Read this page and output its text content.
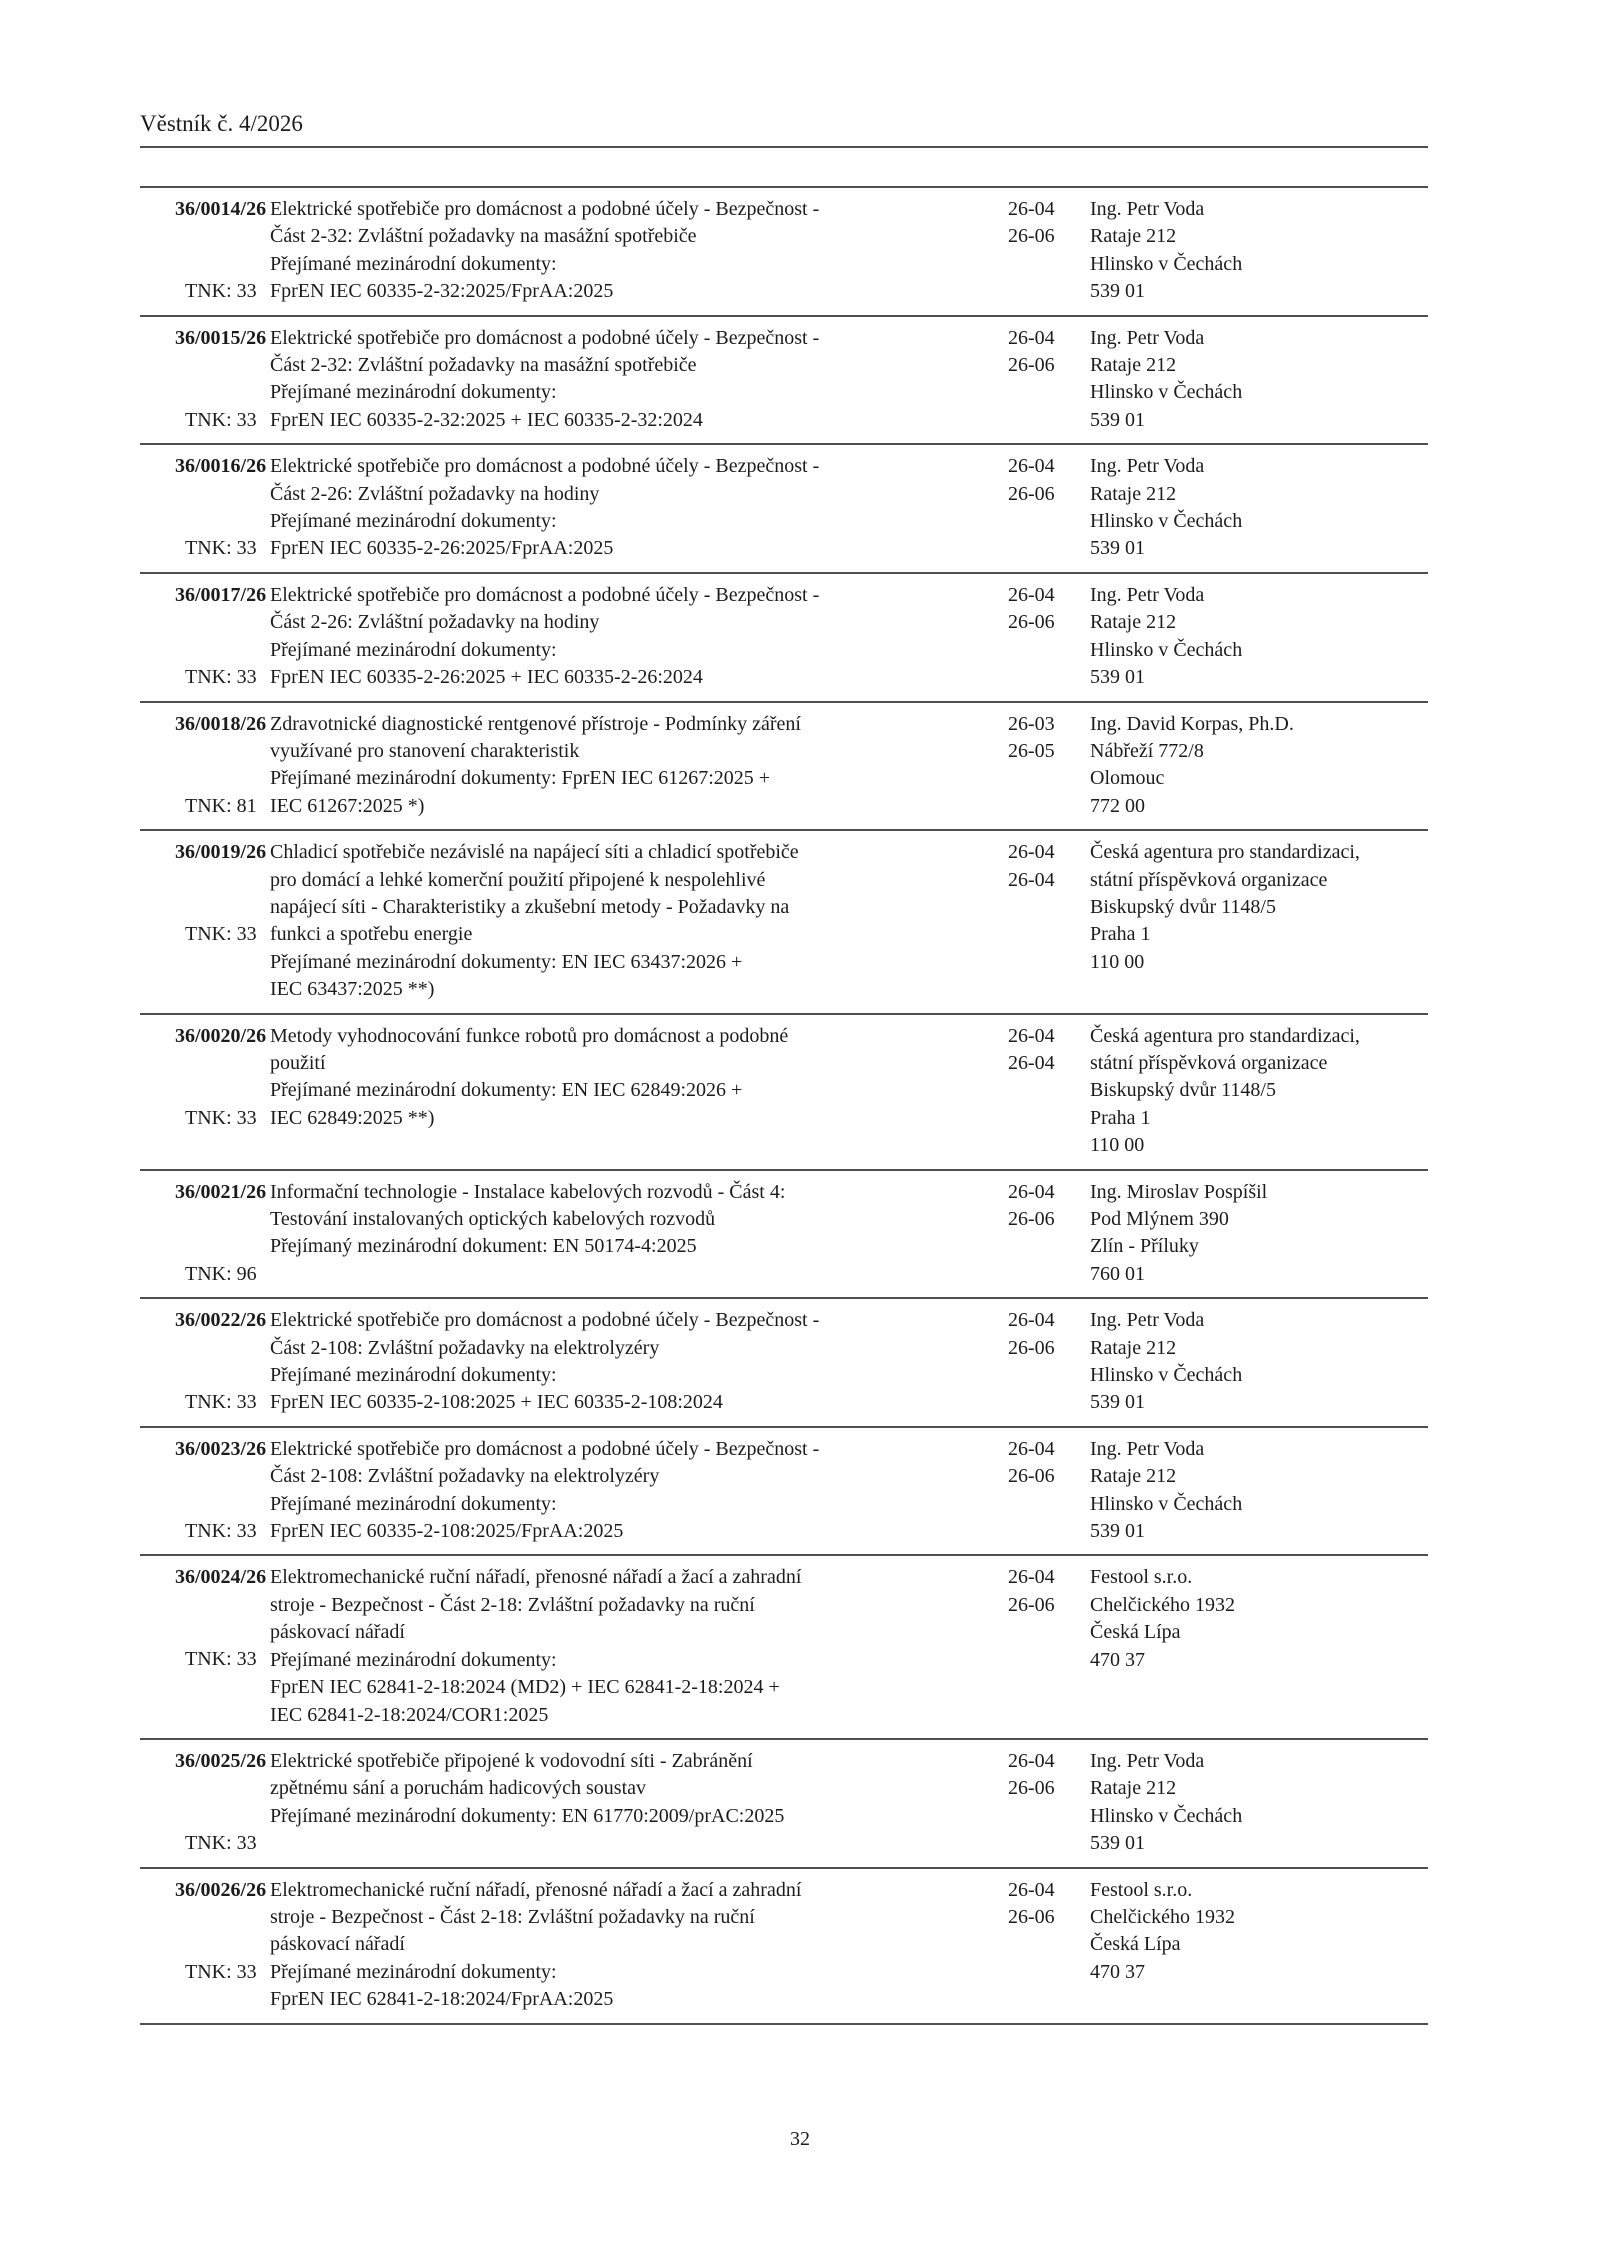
Věstník č. 4/2026
36/0014/26
TNK: 33
Elektrické spotřebiče pro domácnost a podobné účely - Bezpečnost -
Část 2-32: Zvláštní požadavky na masážní spotřebiče
Přejímané mezinárodní dokumenty:
FprEN IEC 60335-2-32:2025/FprAA:2025
26-04
26-06
Ing. Petr Voda
Rataje 212
Hlinsko v Čechách
539 01
36/0015/26
TNK: 33
Elektrické spotřebiče pro domácnost a podobné účely - Bezpečnost -
Část 2-32: Zvláštní požadavky na masážní spotřebiče
Přejímané mezinárodní dokumenty:
FprEN IEC 60335-2-32:2025 + IEC 60335-2-32:2024
26-04
26-06
Ing. Petr Voda
Rataje 212
Hlinsko v Čechách
539 01
36/0016/26
TNK: 33
Elektrické spotřebiče pro domácnost a podobné účely - Bezpečnost -
Část 2-26: Zvláštní požadavky na hodiny
Přejímané mezinárodní dokumenty:
FprEN IEC 60335-2-26:2025/FprAA:2025
26-04
26-06
Ing. Petr Voda
Rataje 212
Hlinsko v Čechách
539 01
36/0017/26
TNK: 33
Elektrické spotřebiče pro domácnost a podobné účely - Bezpečnost -
Část 2-26: Zvláštní požadavky na hodiny
Přejímané mezinárodní dokumenty:
FprEN IEC 60335-2-26:2025 + IEC 60335-2-26:2024
26-04
26-06
Ing. Petr Voda
Rataje 212
Hlinsko v Čechách
539 01
36/0018/26
TNK: 81
Zdravotnické diagnostické rentgenové přístroje - Podmínky záření
využívané pro stanovení charakteristik
Přejímané mezinárodní dokumenty: FprEN IEC 61267:2025 +
IEC 61267:2025 *)
26-03
26-05
Ing. David Korpas, Ph.D.
Nábřeží 772/8
Olomouc
772 00
36/0019/26
TNK: 33
Chladicí spotřebiče nezávislé na napájecí síti a chladicí spotřebiče
pro domácí a lehké komerční použití připojené k nespolehlivé
napájecí síti - Charakteristiky a zkušební metody - Požadavky na
funkci a spotřebu energie
Přejímané mezinárodní dokumenty: EN IEC 63437:2026 +
IEC 63437:2025 **)
26-04
26-04
Česká agentura pro standardizaci,
státní příspěvková organizace
Biskupský dvůr 1148/5
Praha 1
110 00
36/0020/26
TNK: 33
Metody vyhodnocování funkce robotů pro domácnost a podobné
použití
Přejímané mezinárodní dokumenty: EN IEC 62849:2026 +
IEC 62849:2025 **)
26-04
26-04
Česká agentura pro standardizaci,
státní příspěvková organizace
Biskupský dvůr 1148/5
Praha 1
110 00
36/0021/26
TNK: 96
Informační technologie - Instalace kabelových rozvodů - Část 4:
Testování instalovaných optických kabelových rozvodů
Přejímaný mezinárodní dokument: EN 50174-4:2025
26-04
26-06
Ing. Miroslav Pospíšil
Pod Mlýnem 390
Zlín - Příluky
760 01
36/0022/26
TNK: 33
Elektrické spotřebiče pro domácnost a podobné účely - Bezpečnost -
Část 2-108: Zvláštní požadavky na elektrolyzéry
Přejímané mezinárodní dokumenty:
FprEN IEC 60335-2-108:2025 + IEC 60335-2-108:2024
26-04
26-06
Ing. Petr Voda
Rataje 212
Hlinsko v Čechách
539 01
36/0023/26
TNK: 33
Elektrické spotřebiče pro domácnost a podobné účely - Bezpečnost -
Část 2-108: Zvláštní požadavky na elektrolyzéry
Přejímané mezinárodní dokumenty:
FprEN IEC 60335-2-108:2025/FprAA:2025
26-04
26-06
Ing. Petr Voda
Rataje 212
Hlinsko v Čechách
539 01
36/0024/26
TNK: 33
Elektromechanické ruční nářadí, přenosné nářadí a žací a zahradní
stroje - Bezpečnost - Část 2-18: Zvláštní požadavky na ruční
páskovací nářadí
Přejímané mezinárodní dokumenty:
FprEN IEC 62841-2-18:2024 (MD2) + IEC 62841-2-18:2024 +
IEC 62841-2-18:2024/COR1:2025
26-04
26-06
Festool s.r.o.
Chelčického 1932
Česká Lípa
470 37
36/0025/26
TNK: 33
Elektrické spotřebiče připojené k vodovodní síti - Zabránění
zpětnému sání a poruchám hadicových soustav
Přejímané mezinárodní dokumenty: EN 61770:2009/prAC:2025
26-04
26-06
Ing. Petr Voda
Rataje 212
Hlinsko v Čechách
539 01
36/0026/26
TNK: 33
Elektromechanické ruční nářadí, přenosné nářadí a žací a zahradní
stroje - Bezpečnost - Část 2-18: Zvláštní požadavky na ruční
páskovací nářadí
Přejímané mezinárodní dokumenty:
FprEN IEC 62841-2-18:2024/FprAA:2025
26-04
26-06
Festool s.r.o.
Chelčického 1932
Česká Lípa
470 37
32
